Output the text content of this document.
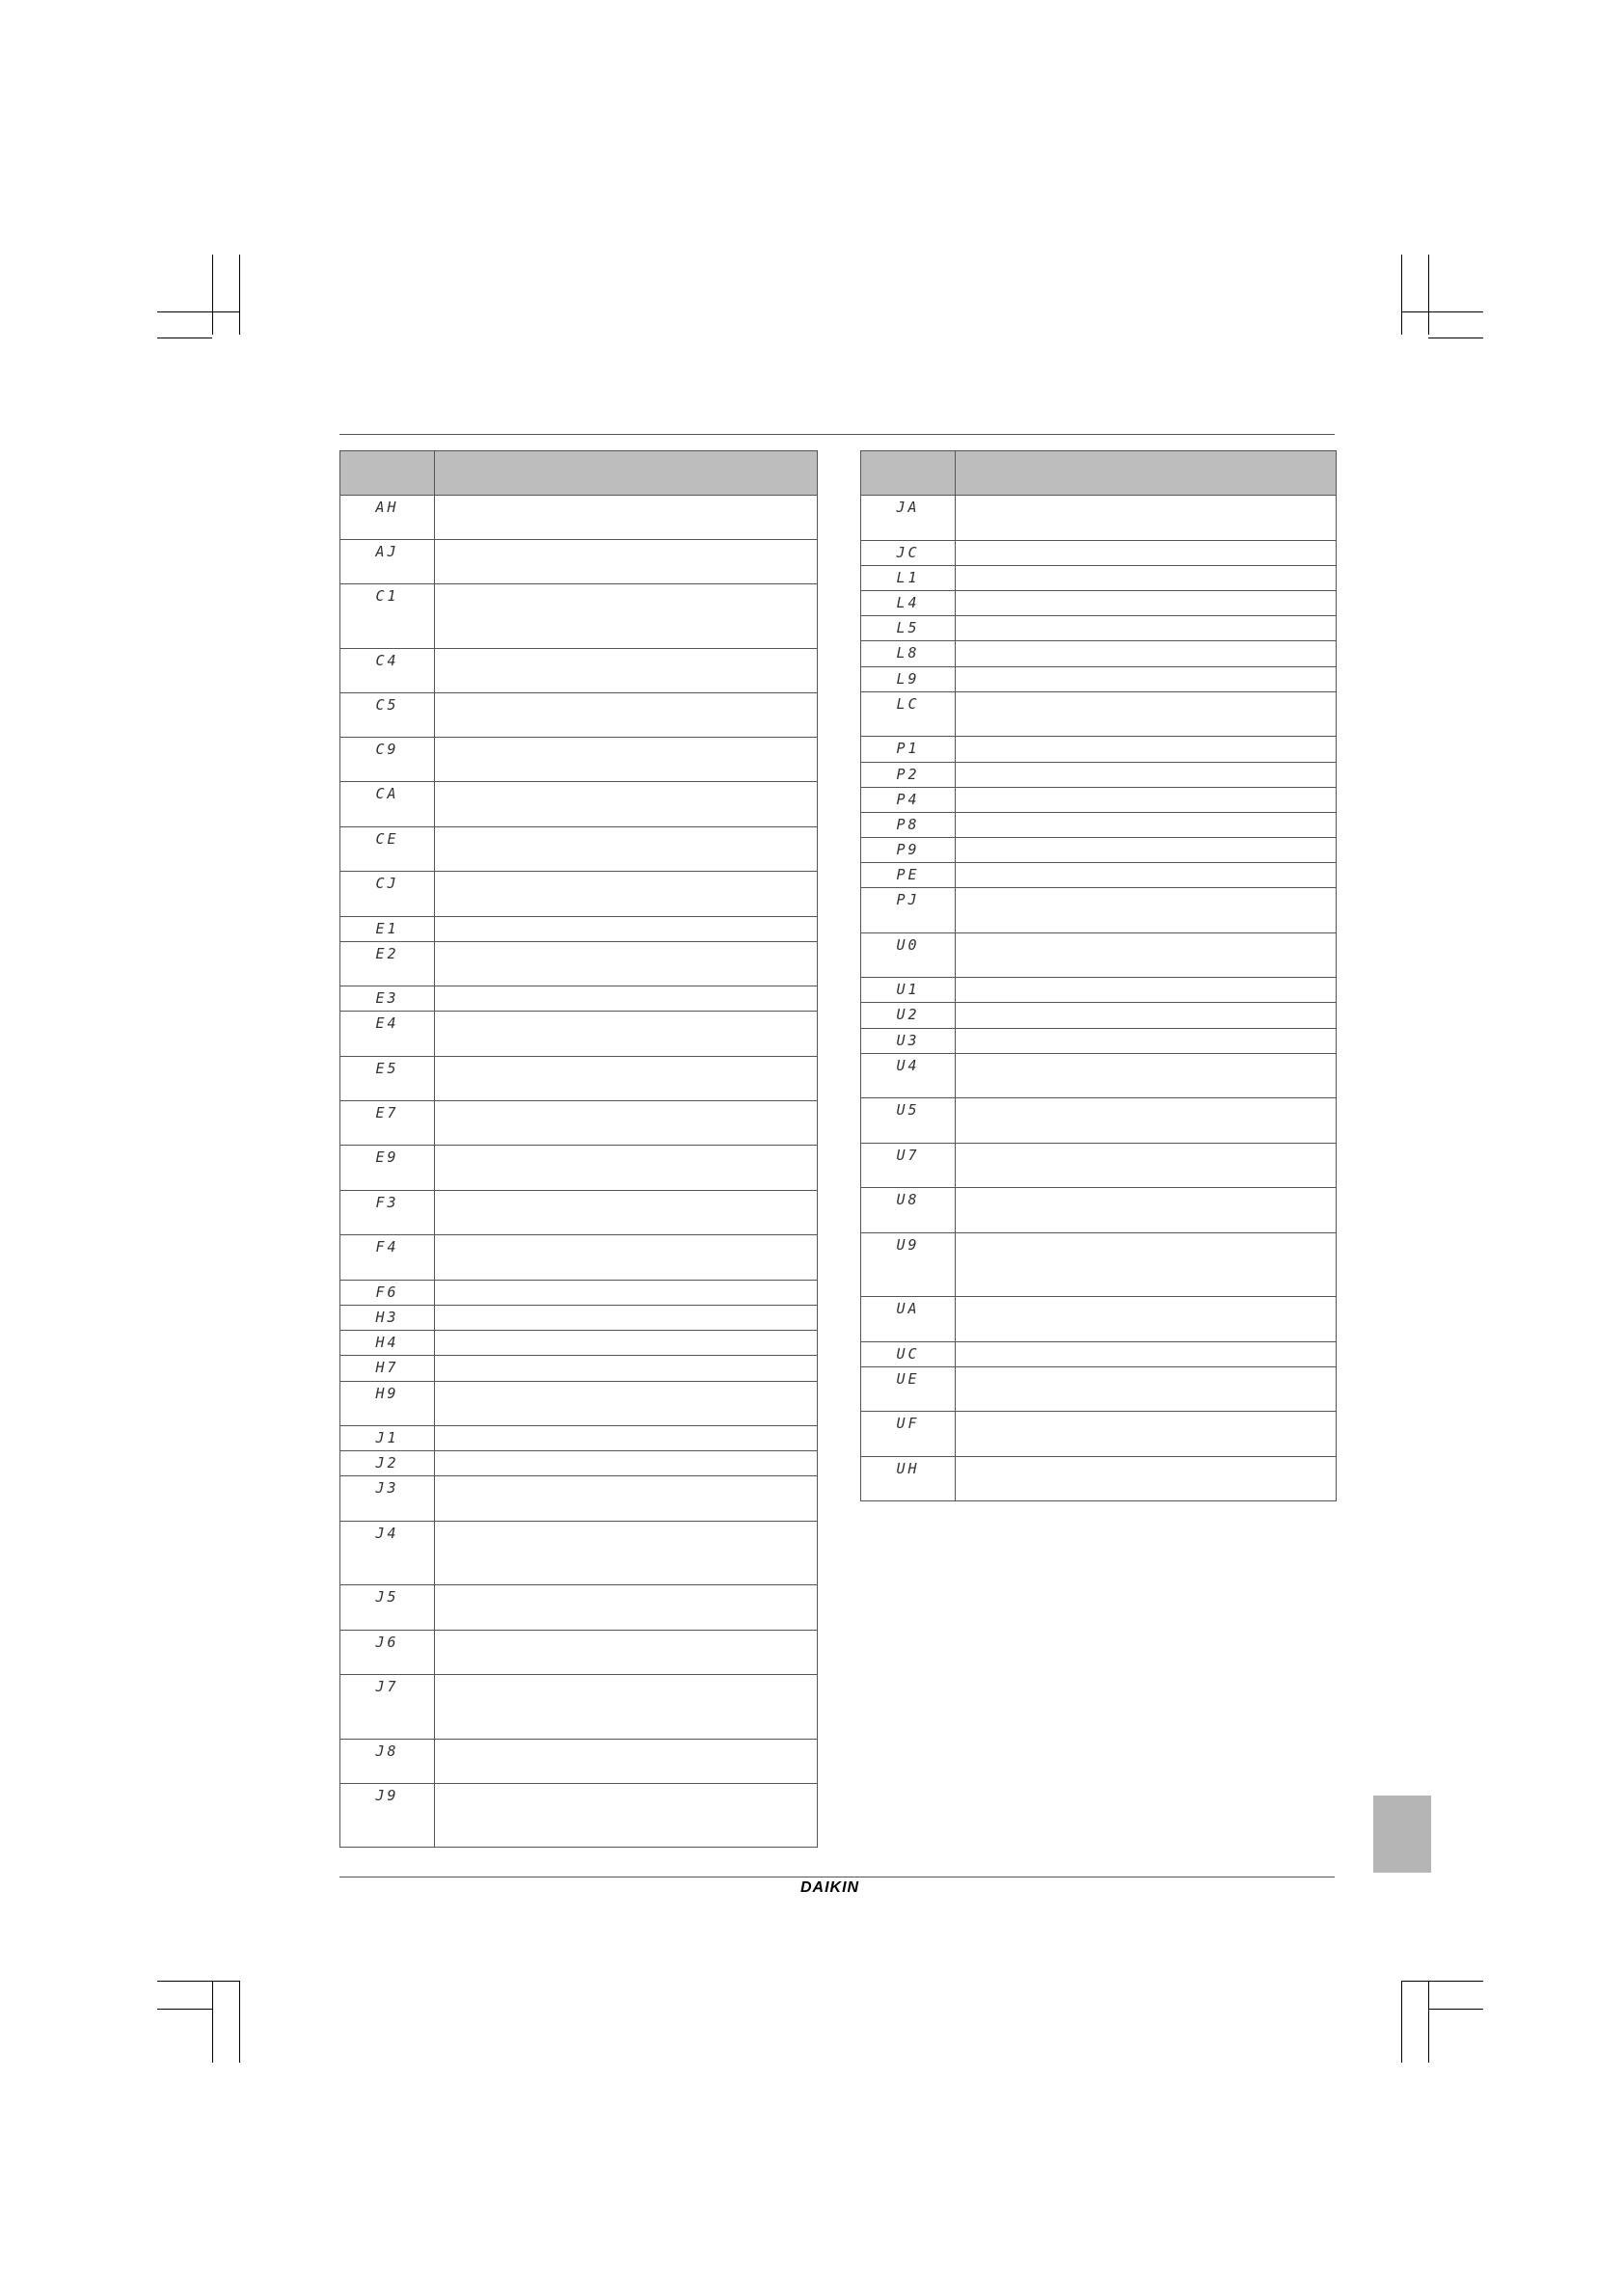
AH	
AJ	
C1	
C4	
C5	
C9	
CA	
CE	
CJ	
E1	
E2	
E3	
E4	
E5	
E7	
E9	
F3	
F4	
F6	
H3	
H4	
H7	
H9	
J1	
J2	
J3	
J4	
J5	
J6	
J7	
J8	
J9	

JA	
JC	
L1	
L4	
L5	
L8	
L9	
LC	
P1	
P2	
P4	
P8	
P9	
PE	
PJ	
U0	
U1	
U2	
U3	
U4	
U5	
U7	
U8	
U9	
UA	
UC	
UE	
UF	
UH	
DAIKIN
